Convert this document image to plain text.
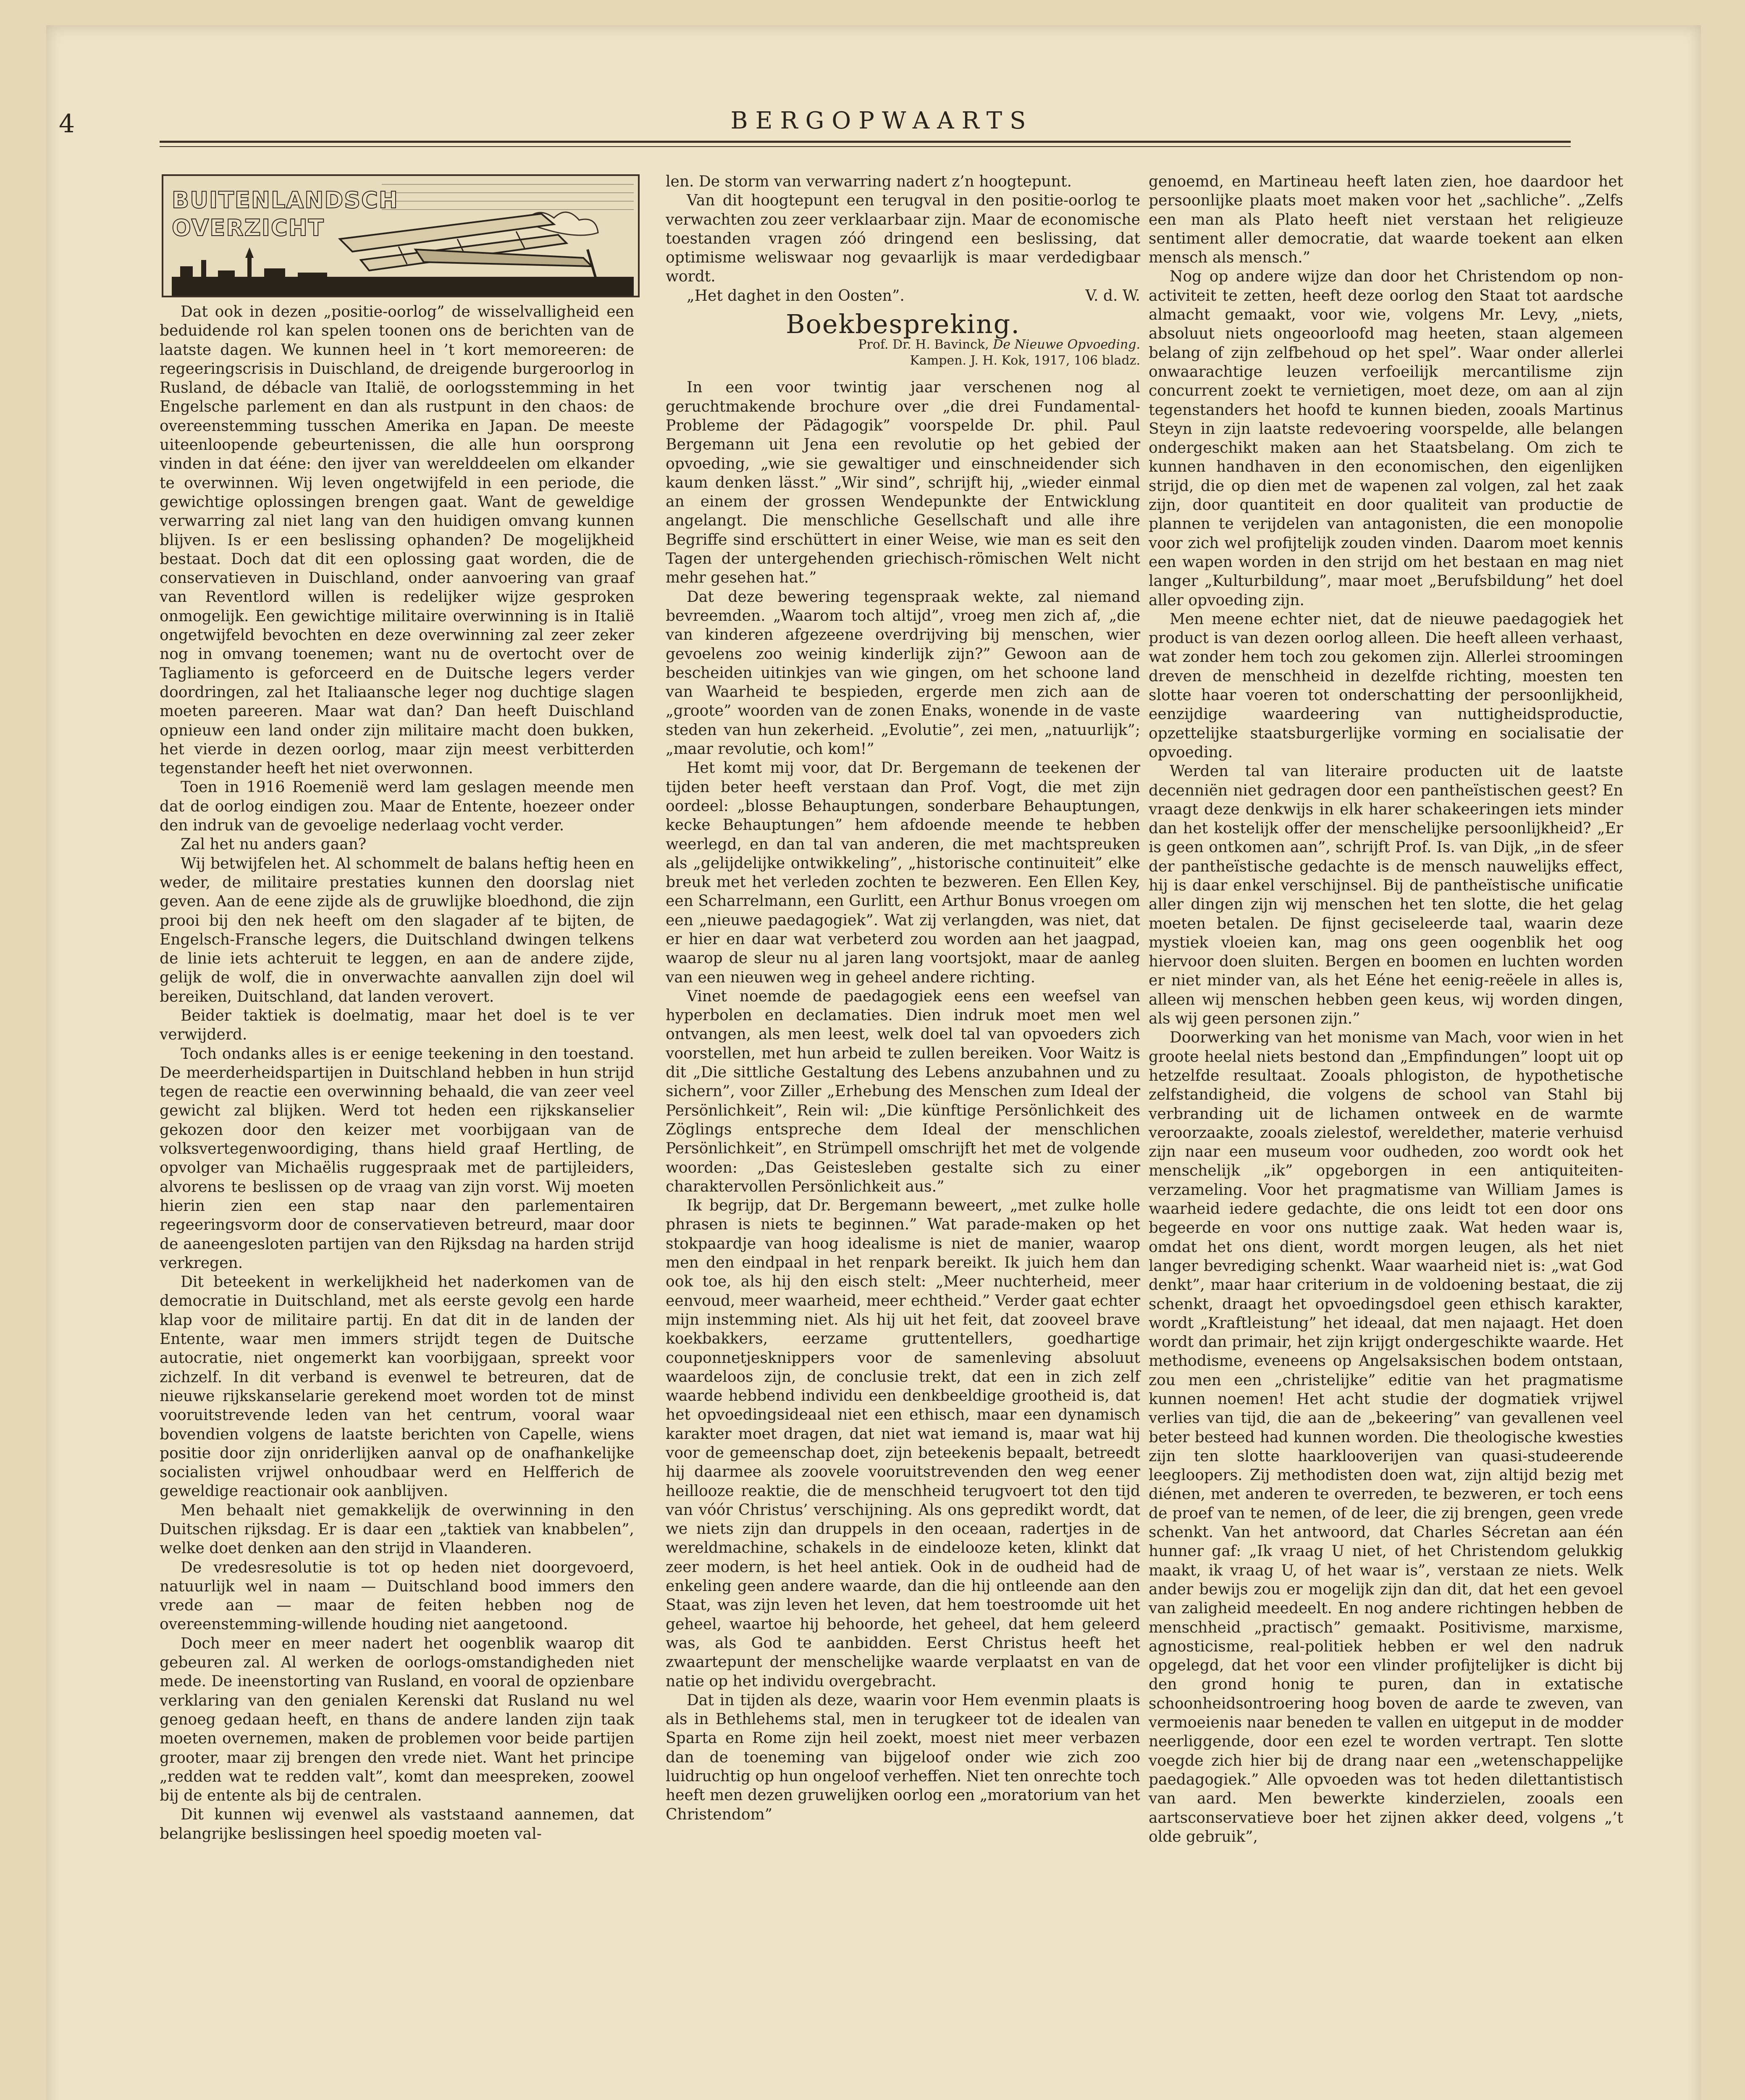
4	BERGOPWAARTS
BUITENLANDSCH
OVERZICHT

Dat ook in dezen „positie-oorlog” de wisselvalligheid een beduidende rol kan spelen toonen ons de berichten van de laatste dagen. We kunnen heel in ’t kort memoreeren: de regeeringscrisis in Duischland, de dreigende burgeroorlog in Rusland, de débacle van Italië, de oorlogsstemming in het Engelsche parlement en dan als rustpunt in den chaos: de overeenstemming tusschen Amerika en Japan. De meeste uiteenloopende gebeurtenissen, die alle hun oorsprong vinden in dat ééne: den ijver van werelddeelen om elkander te overwinnen. Wij leven ongetwijfeld in een periode, die gewichtige oplossingen brengen gaat. Want de geweldige verwarring zal niet lang van den huidigen omvang kunnen blijven. Is er een beslissing ophanden? De mogelijkheid bestaat. Doch dat dit een oplossing gaat worden, die de conservatieven in Duischland, onder aanvoering van graaf van Reventlord willen is redelijker wijze gesproken onmogelijk. Een gewichtige militaire overwinning is in Italië ongetwijfeld bevochten en deze overwinning zal zeer zeker nog in omvang toenemen; want nu de overtocht over de Tagliamento is geforceerd en de Duitsche legers verder doordringen, zal het Italiaansche leger nog duchtige slagen moeten pareeren. Maar wat dan? Dan heeft Duischland opnieuw een land onder zijn militaire macht doen bukken, het vierde in dezen oorlog, maar zijn meest verbitterden tegenstander heeft het niet overwonnen.

Toen in 1916 Roemenië werd lam geslagen meende men dat de oorlog eindigen zou. Maar de Entente, hoezeer onder den indruk van de gevoelige nederlaag vocht verder.

Zal het nu anders gaan?

Wij betwijfelen het. Al schommelt de balans heftig heen en weder, de militaire prestaties kunnen den doorslag niet geven. Aan de eene zijde als de gruwlijke bloedhond, die zijn prooi bij den nek heeft om den slagader af te bijten, de Engelsch-Fransche legers, die Duitschland dwingen telkens de linie iets achteruit te leggen, en aan de andere zijde, gelijk de wolf, die in onverwachte aanvallen zijn doel wil bereiken, Duitschland, dat landen verovert.

Beider taktiek is doelmatig, maar het doel is te ver verwijderd.

Toch ondanks alles is er eenige teekening in den toestand. De meerderheidspartijen in Duitschland hebben in hun strijd tegen de reactie een overwinning behaald, die van zeer veel gewicht zal blijken. Werd tot heden een rijkskanselier gekozen door den keizer met voorbijgaan van de volksvertegenwoordiging, thans hield graaf Hertling, de opvolger van Michaëlis ruggespraak met de partijleiders, alvorens te beslissen op de vraag van zijn vorst. Wij moeten hierin zien een stap naar den parlementairen regeeringsvorm door de conservatieven betreurd, maar door de aaneengesloten partijen van den Rijksdag na harden strijd verkregen.

Dit beteekent in werkelijkheid het naderkomen van de democratie in Duitschland, met als eerste gevolg een harde klap voor de militaire partij. En dat dit in de landen der Entente, waar men immers strijdt tegen de Duitsche autocratie, niet ongemerkt kan voorbijgaan, spreekt voor zichzelf. In dit verband is evenwel te betreuren, dat de nieuwe rijkskanselarie gerekend moet worden tot de minst vooruitstrevende leden van het centrum, vooral waar bovendien volgens de laatste berichten von Capelle, wiens positie door zijn onriderlijken aanval op de onafhankelijke socialisten vrijwel onhoudbaar werd en Helfferich de geweldige reactionair ook aanblijven.

Men behaalt niet gemakkelijk de overwinning in den Duitschen rijksdag. Er is daar een „taktiek van knabbelen”, welke doet denken aan den strijd in Vlaanderen.

De vredesresolutie is tot op heden niet doorgevoerd, natuurlijk wel in naam — Duitschland bood immers den vrede aan — maar de feiten hebben nog de overeenstemming-willende houding niet aangetoond.

Doch meer en meer nadert het oogenblik waarop dit gebeuren zal. Al werken de oorlogs-omstandigheden niet mede. De ineenstorting van Rusland, en vooral de opzienbare verklaring van den genialen Kerenski dat Rusland nu wel genoeg gedaan heeft, en thans de andere landen zijn taak moeten overnemen, maken de problemen voor beide partijen grooter, maar zij brengen den vrede niet. Want het principe „redden wat te redden valt”, komt dan meespreken, zoowel bij de entente als bij de centralen.

Dit kunnen wij evenwel als vaststaand aannemen, dat belangrijke beslissingen heel spoedig moeten val-

len. De storm van verwarring nadert z’n hoogtepunt.

Van dit hoogtepunt een terugval in den positie-oorlog te verwachten zou zeer verklaarbaar zijn. Maar de economische toestanden vragen zóó dringend een beslissing, dat optimisme weliswaar nog gevaarlijk is maar verdedigbaar wordt.

„Het daghet in den Oosten”.	V. d. W.
Boekbespreking.
Prof. Dr. H. Bavinck, De Nieuwe Opvoeding.
Kampen. J. H. Kok, 1917, 106 bladz.

In een voor twintig jaar verschenen nog al geruchtmakende brochure over „die drei Fundamental-Probleme der Pädagogik” voorspelde Dr. phil. Paul Bergemann uit Jena een revolutie op het gebied der opvoeding, „wie sie gewaltiger und einschneidender sich kaum denken lässt.” „Wir sind”, schrijft hij, „wieder einmal an einem der grossen Wendepunkte der Entwicklung angelangt. Die menschliche Gesellschaft und alle ihre Begriffe sind erschüttert in einer Weise, wie man es seit den Tagen der untergehenden griechisch-römischen Welt nicht mehr gesehen hat.”

Dat deze bewering tegenspraak wekte, zal niemand bevreemden. „Waarom toch altijd”, vroeg men zich af, „die van kinderen afgezeene overdrijving bij menschen, wier gevoelens zoo weinig kinderlijk zijn?” Gewoon aan de bescheiden uitinkjes van wie gingen, om het schoone land van Waarheid te bespieden, ergerde men zich aan de „groote” woorden van de zonen Enaks, wonende in de vaste steden van hun zekerheid. „Evolutie”, zei men, „natuurlijk”; „maar revolutie, och kom!”

Het komt mij voor, dat Dr. Bergemann de teekenen der tijden beter heeft verstaan dan Prof. Vogt, die met zijn oordeel: „blosse Behauptungen, sonderbare Behauptungen, kecke Behauptungen” hem afdoende meende te hebben weerlegd, en dan tal van anderen, die met machtspreuken als „gelijdelijke ontwikkeling”, „historische continuiteit” elke breuk met het verleden zochten te bezweren. Een Ellen Key, een Scharrelmann, een Gurlitt, een Arthur Bonus vroegen om een „nieuwe paedagogiek”. Wat zij verlangden, was niet, dat er hier en daar wat verbeterd zou worden aan het jaagpad, waarop de sleur nu al jaren lang voortsjokt, maar de aanleg van een nieuwen weg in geheel andere richting.

Vinet noemde de paedagogiek eens een weefsel van hyperbolen en declamaties. Dien indruk moet men wel ontvangen, als men leest, welk doel tal van opvoeders zich voorstellen, met hun arbeid te zullen bereiken. Voor Waitz is dit „Die sittliche Gestaltung des Lebens anzubahnen und zu sichern”, voor Ziller „Erhebung des Menschen zum Ideal der Persönlichkeit”, Rein wil: „Die künftige Persönlichkeit des Zöglings entspreche dem Ideal der menschlichen Persönlichkeit”, en Strümpell omschrijft het met de volgende woorden: „Das Geistesleben gestalte sich zu einer charaktervollen Persönlichkeit aus.”

Ik begrijp, dat Dr. Bergemann beweert, „met zulke holle phrasen is niets te beginnen.” Wat parade-maken op het stokpaardje van hoog idealisme is niet de manier, waarop men den eindpaal in het renpark bereikt. Ik juich hem dan ook toe, als hij den eisch stelt: „Meer nuchterheid, meer eenvoud, meer waarheid, meer echtheid.” Verder gaat echter mijn instemming niet. Als hij uit het feit, dat zooveel brave koekbakkers, eerzame gruttentellers, goedhartige couponnetjesknippers voor de samenleving absoluut waardeloos zijn, de conclusie trekt, dat een in zich zelf waarde hebbend individu een denkbeeldige grootheid is, dat het opvoedingsideaal niet een ethisch, maar een dynamisch karakter moet dragen, dat niet wat iemand is, maar wat hij voor de gemeenschap doet, zijn beteekenis bepaalt, betreedt hij daarmee als zoovele vooruitstrevenden den weg eener heillooze reaktie, die de menschheid terugvoert tot den tijd van vóór Christus’ verschijning. Als ons gepredikt wordt, dat we niets zijn dan druppels in den oceaan, radertjes in de wereldmachine, schakels in de eindelooze keten, klinkt dat zeer modern, is het heel antiek. Ook in de oudheid had de enkeling geen andere waarde, dan die hij ontleende aan den Staat, was zijn leven het leven, dat hem toestroomde uit het geheel, waartoe hij behoorde, het geheel, dat hem geleerd was, als God te aanbidden. Eerst Christus heeft het zwaartepunt der menschelijke waarde verplaatst en van de natie op het individu overgebracht.

Dat in tijden als deze, waarin voor Hem evenmin plaats is als in Bethlehems stal, men in terugkeer tot de idealen van Sparta en Rome zijn heil zoekt, moest niet meer verbazen dan de toeneming van bijgeloof onder wie zich zoo luidruchtig op hun ongeloof verheffen. Niet ten onrechte toch heeft men dezen gruwelijken oorlog een „moratorium van het Christendom”

genoemd, en Martineau heeft laten zien, hoe daardoor het persoonlijke plaats moet maken voor het „sachliche”. „Zelfs een man als Plato heeft niet verstaan het religieuze sentiment aller democratie, dat waarde toekent aan elken mensch als mensch.”

Nog op andere wijze dan door het Christendom op non-activiteit te zetten, heeft deze oorlog den Staat tot aardsche almacht gemaakt, voor wie, volgens Mr. Levy, „niets, absoluut niets ongeoorloofd mag heeten, staan algemeen belang of zijn zelfbehoud op het spel”. Waar onder allerlei onwaarachtige leuzen verfoeilijk mercantilisme zijn concurrent zoekt te vernietigen, moet deze, om aan al zijn tegenstanders het hoofd te kunnen bieden, zooals Martinus Steyn in zijn laatste redevoering voorspelde, alle belangen ondergeschikt maken aan het Staatsbelang. Om zich te kunnen handhaven in den economischen, den eigenlijken strijd, die op dien met de wapenen zal volgen, zal het zaak zijn, door quantiteit en door qualiteit van productie de plannen te verijdelen van antagonisten, die een monopolie voor zich wel profijtelijk zouden vinden. Daarom moet kennis een wapen worden in den strijd om het bestaan en mag niet langer „Kulturbildung”, maar moet „Berufsbildung” het doel aller opvoeding zijn.

Men meene echter niet, dat de nieuwe paedagogiek het product is van dezen oorlog alleen. Die heeft alleen verhaast, wat zonder hem toch zou gekomen zijn. Allerlei stroomingen dreven de menschheid in dezelfde richting, moesten ten slotte haar voeren tot onderschatting der persoonlijkheid, eenzijdige waardeering van nuttigheidsproductie, opzettelijke staatsburgerlijke vorming en socialisatie der opvoeding.

Werden tal van literaire producten uit de laatste decenniën niet gedragen door een pantheïstischen geest? En vraagt deze denkwijs in elk harer schakeeringen iets minder dan het kostelijk offer der menschelijke persoonlijkheid? „Er is geen ontkomen aan”, schrijft Prof. Is. van Dijk, „in de sfeer der pantheïstische gedachte is de mensch nauwelijks effect, hij is daar enkel verschijnsel. Bij de pantheïstische unificatie aller dingen zijn wij menschen het ten slotte, die het gelag moeten betalen. De fijnst geciseleerde taal, waarin deze mystiek vloeien kan, mag ons geen oogenblik het oog hiervoor doen sluiten. Bergen en boomen en luchten worden er niet minder van, als het Eéne het eenig-reëele in alles is, alleen wij menschen hebben geen keus, wij worden dingen, als wij geen personen zijn.”

Doorwerking van het monisme van Mach, voor wien in het groote heelal niets bestond dan „Empfindungen” loopt uit op hetzelfde resultaat. Zooals phlogiston, de hypothetische zelfstandigheid, die volgens de school van Stahl bij verbranding uit de lichamen ontweek en de warmte veroorzaakte, zooals zielestof, wereldether, materie verhuisd zijn naar een museum voor oudheden, zoo wordt ook het menschelijk „ik” opgeborgen in een antiquiteiten-verzameling. Voor het pragmatisme van William James is waarheid iedere gedachte, die ons leidt tot een door ons begeerde en voor ons nuttige zaak. Wat heden waar is, omdat het ons dient, wordt morgen leugen, als het niet langer bevrediging schenkt. Waar waarheid niet is: „wat God denkt”, maar haar criterium in de voldoening bestaat, die zij schenkt, draagt het opvoedingsdoel geen ethisch karakter, wordt „Kraftleistung” het ideaal, dat men najaagt. Het doen wordt dan primair, het zijn krijgt ondergeschikte waarde. Het methodisme, eveneens op Angelsaksischen bodem ontstaan, zou men een „christelijke” editie van het pragmatisme kunnen noemen! Het acht studie der dogmatiek vrijwel verlies van tijd, die aan de „bekeering” van gevallenen veel beter besteed had kunnen worden. Die theologische kwesties zijn ten slotte haarklooverijen van quasi-studeerende leegloopers. Zij methodisten doen wat, zijn altijd bezig met diénen, met anderen te overreden, te bezweren, er toch eens de proef van te nemen, of de leer, die zij brengen, geen vrede schenkt. Van het antwoord, dat Charles Sécretan aan één hunner gaf: „Ik vraag U niet, of het Christendom gelukkig maakt, ik vraag U, of het waar is”, verstaan ze niets. Welk ander bewijs zou er mogelijk zijn dan dit, dat het een gevoel van zaligheid meedeelt. En nog andere richtingen hebben de menschheid „practisch” gemaakt. Positivisme, marxisme, agnosticisme, real-politiek hebben er wel den nadruk opgelegd, dat het voor een vlinder profijtelijker is dicht bij den grond honig te puren, dan in extatische schoonheidsontroering hoog boven de aarde te zweven, van vermoeienis naar beneden te vallen en uitgeput in de modder neerliggende, door een ezel te worden vertrapt. Ten slotte voegde zich hier bij de drang naar een „wetenschappelijke paedagogiek.” Alle opvoeden was tot heden dilettantistisch van aard. Men bewerkte kinderzielen, zooals een aartsconservatieve boer het zijnen akker deed, volgens „’t olde gebruik”,
